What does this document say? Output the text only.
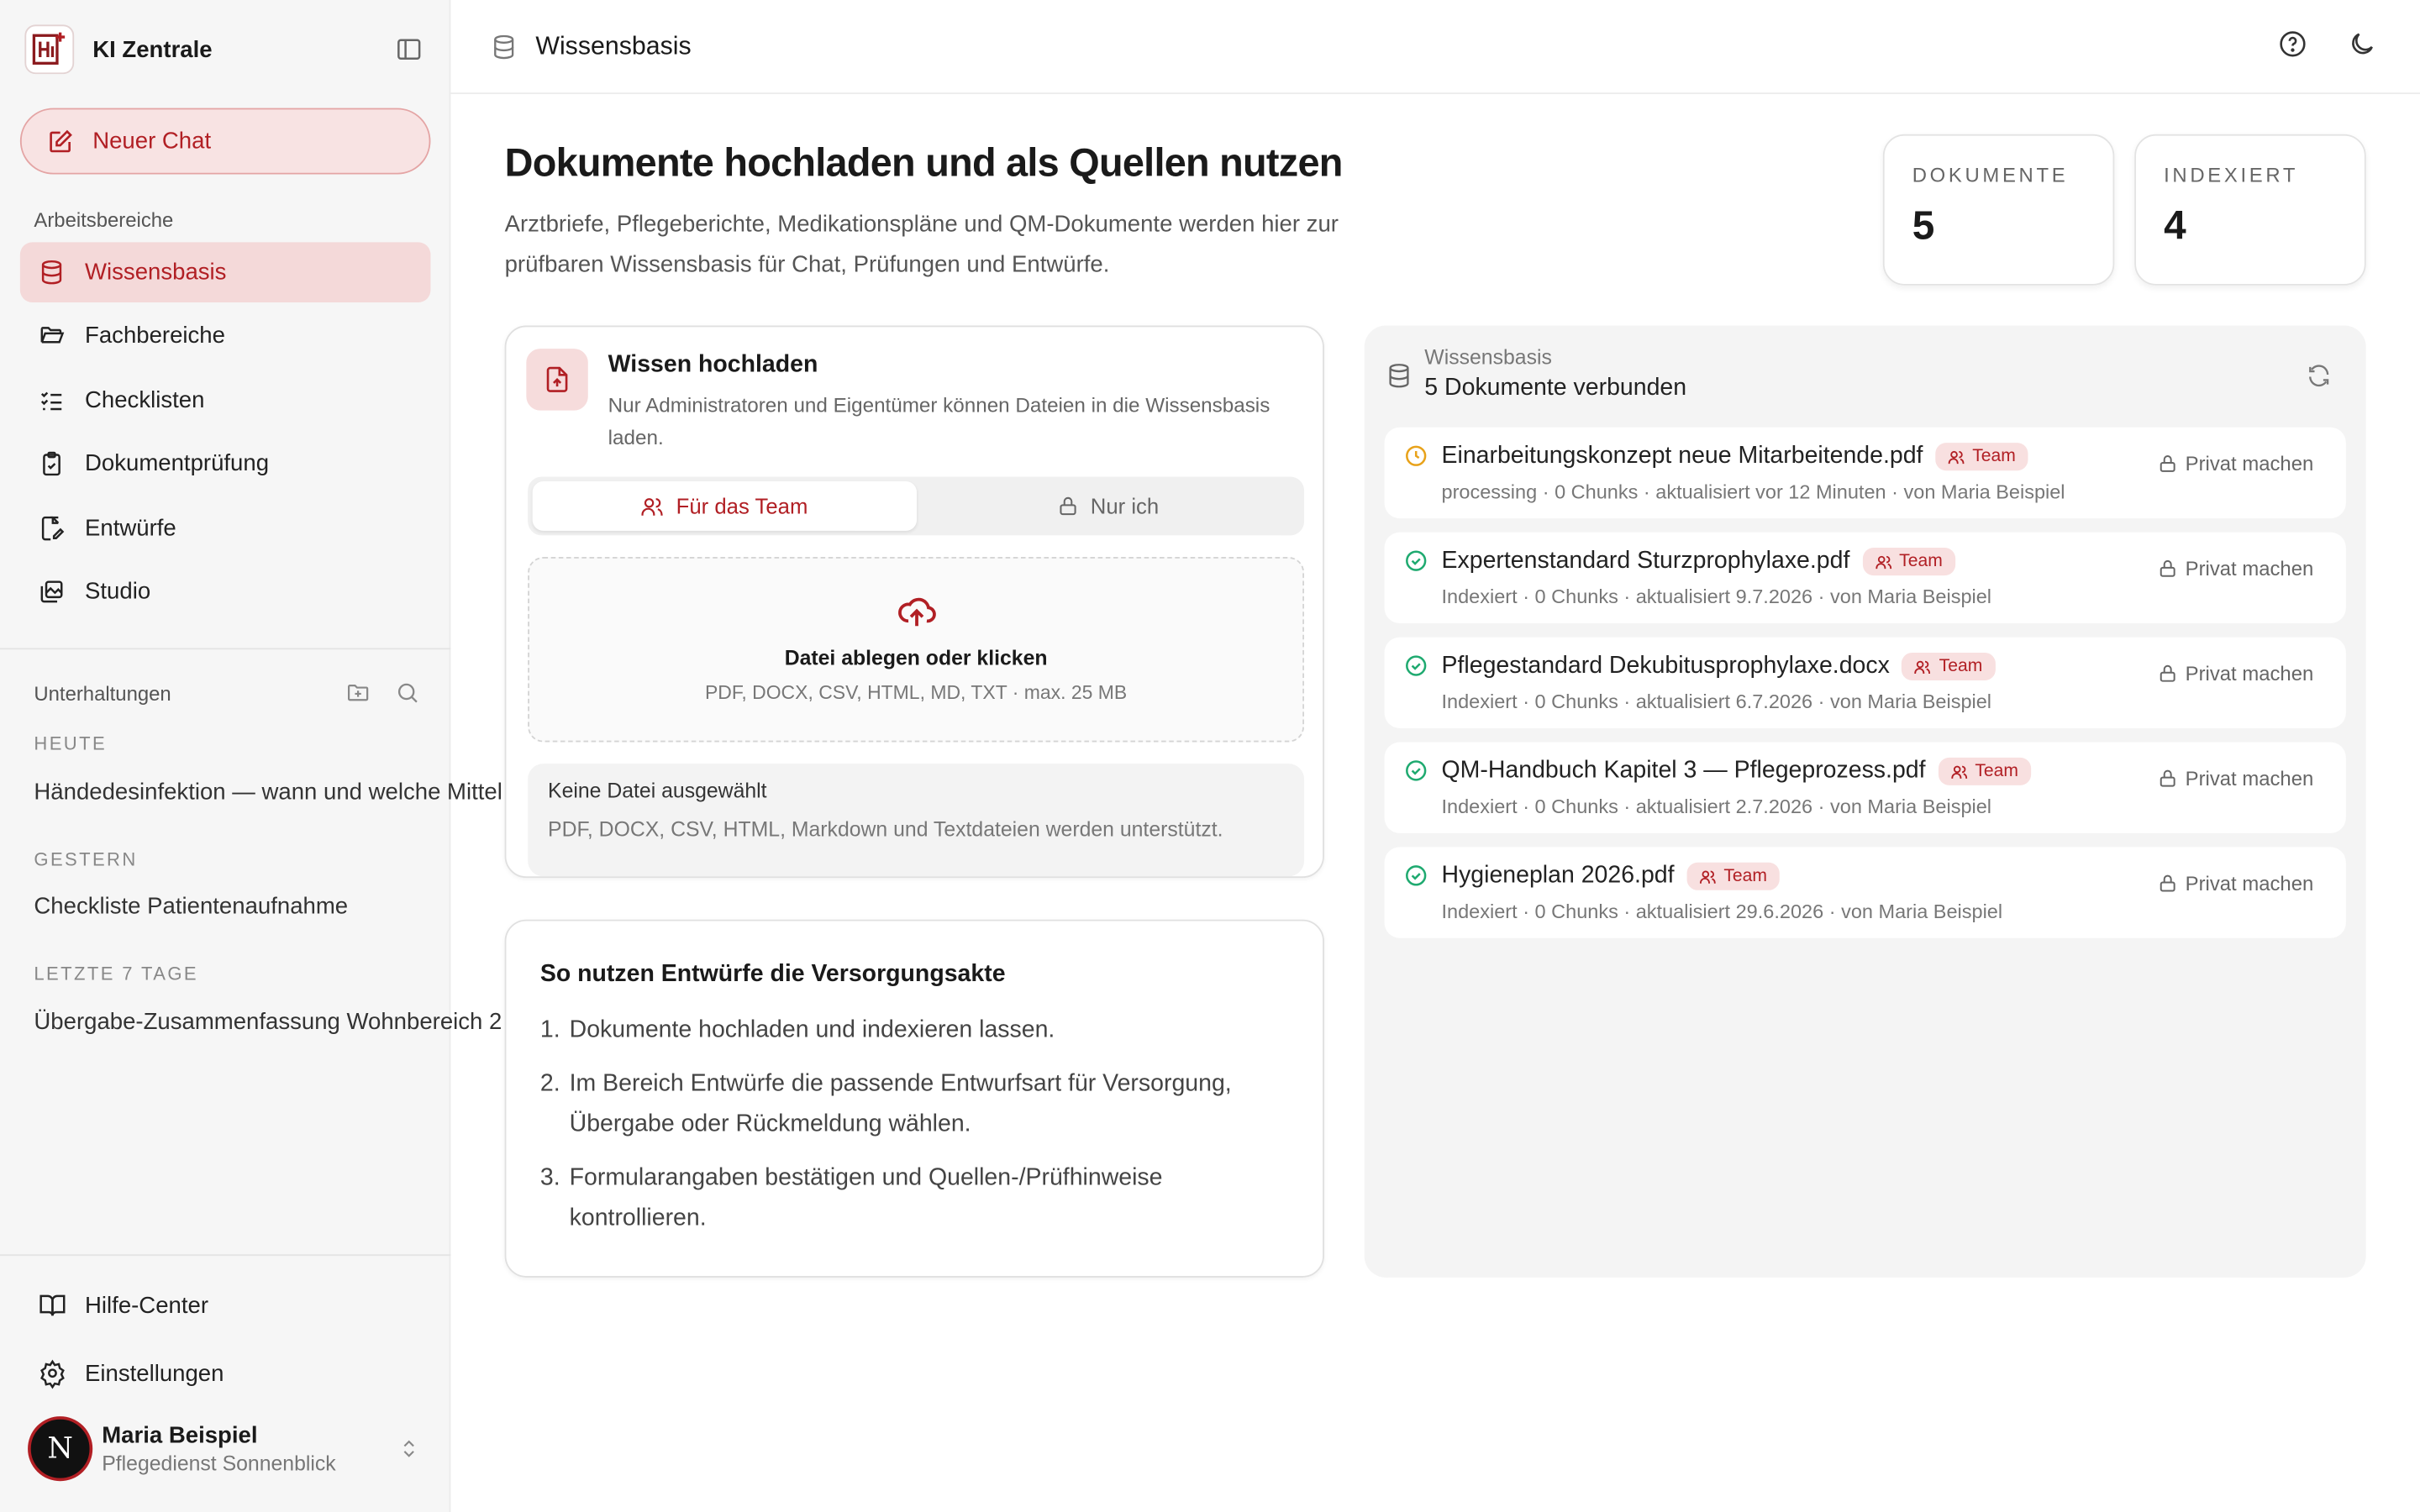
KI Zentrale
Neuer Chat
Arbeitsbereiche
Wissensbasis
Fachbereiche
Checklisten
Dokumentprüfung
Entwürfe
Studio
Unterhaltungen
HEUTE
Händedesinfektion — wann und welche Mittel
GESTERN
Checkliste Patientenaufnahme
LETZTE 7 TAGE
Übergabe-Zusammenfassung Wohnbereich 2
Hilfe-Center
Einstellungen
N	Maria Beispiel
Pflegedienst Sonnenblick
Wissensbasis
Dokumente hochladen und als Quellen nutzen

Arztbriefe, Pflegeberichte, Medikationspläne und QM-Dokumente werden hier zur prüfbaren Wissensbasis für Chat, Prüfungen und Entwürfe.

DOKUMENTE
5
INDEXIERT
4
Wissen hochladen
Nur Administratoren und Eigentümer können Dateien in die Wissensbasis laden.
Für das Team	Nur ich
Datei ablegen oder klicken
PDF, DOCX, CSV, HTML, MD, TXT · max. 25 MB
Keine Datei ausgewählt
PDF, DOCX, CSV, HTML, Markdown und Textdateien werden unterstützt.
So nutzen Entwürfe die Versorgungsakte
1. Dokumente hochladen und indexieren lassen.
2. Im Bereich Entwürfe die passende Entwurfsart für Versorgung, Übergabe oder Rückmeldung wählen.
3. Formularangaben bestätigen und Quellen-/Prüfhinweise kontrollieren.
Wissensbasis
5 Dokumente verbunden
Einarbeitungskonzept neue Mitarbeitende.pdf	Team
processing · 0 Chunks · aktualisiert vor 12 Minuten · von Maria Beispiel
Privat machen
Expertenstandard Sturzprophylaxe.pdf	Team
Indexiert · 0 Chunks · aktualisiert 9.7.2026 · von Maria Beispiel
Privat machen
Pflegestandard Dekubitusprophylaxe.docx	Team
Indexiert · 0 Chunks · aktualisiert 6.7.2026 · von Maria Beispiel
Privat machen
QM-Handbuch Kapitel 3 — Pflegeprozess.pdf	Team
Indexiert · 0 Chunks · aktualisiert 2.7.2026 · von Maria Beispiel
Privat machen
Hygieneplan 2026.pdf	Team
Indexiert · 0 Chunks · aktualisiert 29.6.2026 · von Maria Beispiel
Privat machen
